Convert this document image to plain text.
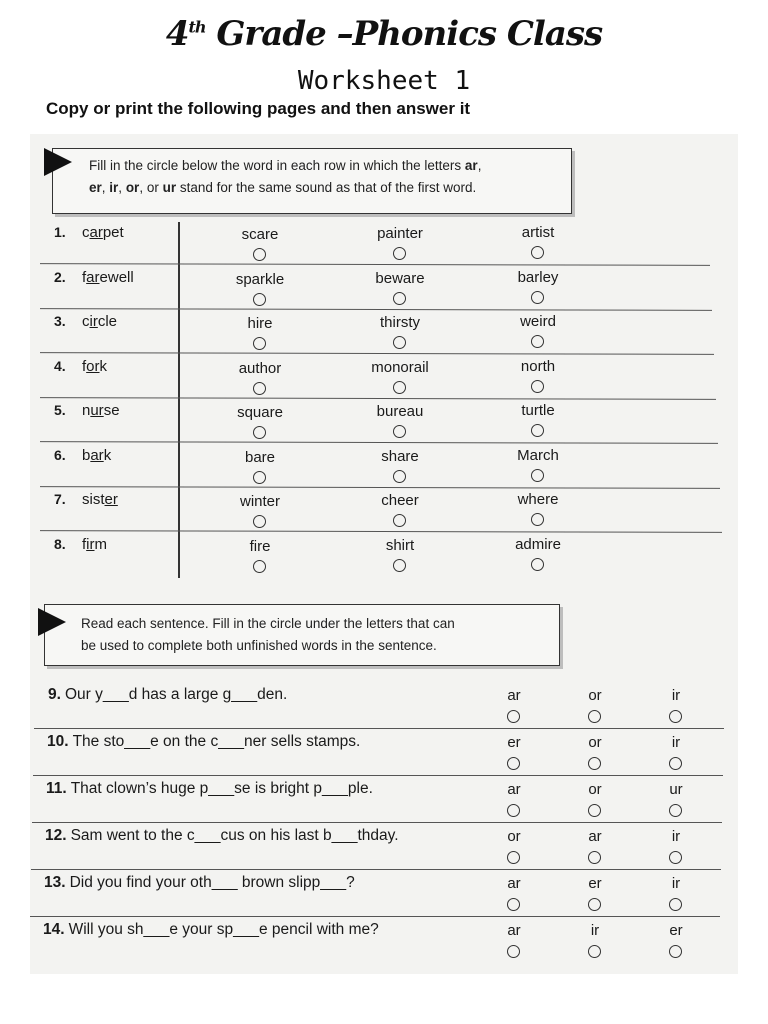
4th Grade –Phonics Class
Worksheet 1
Copy or print the following pages and then answer it
Fill in the circle below the word in each row in which the letters ar,
er, ir, or, or ur stand for the same sound as that of the first word.
1. carpet	scare	painter	artist
2. farewell	sparkle	beware	barley
3. circle	hire	thirsty	weird
4. fork	author	monorail	north
5. nurse	square	bureau	turtle
6. bark	bare	share	March
7. sister	winter	cheer	where
8. firm	fire	shirt	admire
Read each sentence. Fill in the circle under the letters that can
be used to complete both unfinished words in the sentence.
9. Our y___d has a large g___den.	ar	or	ir
10. The sto___e on the c___ner sells stamps.	er	or	ir
11. That clown’s huge p___se is bright p___ple.	ar	or	ur
12. Sam went to the c___cus on his last b___thday.	or	ar	ir
13. Did you find your oth___ brown slipp___?	ar	er	ir
14. Will you sh___e your sp___e pencil with me?	ar	ir	er
